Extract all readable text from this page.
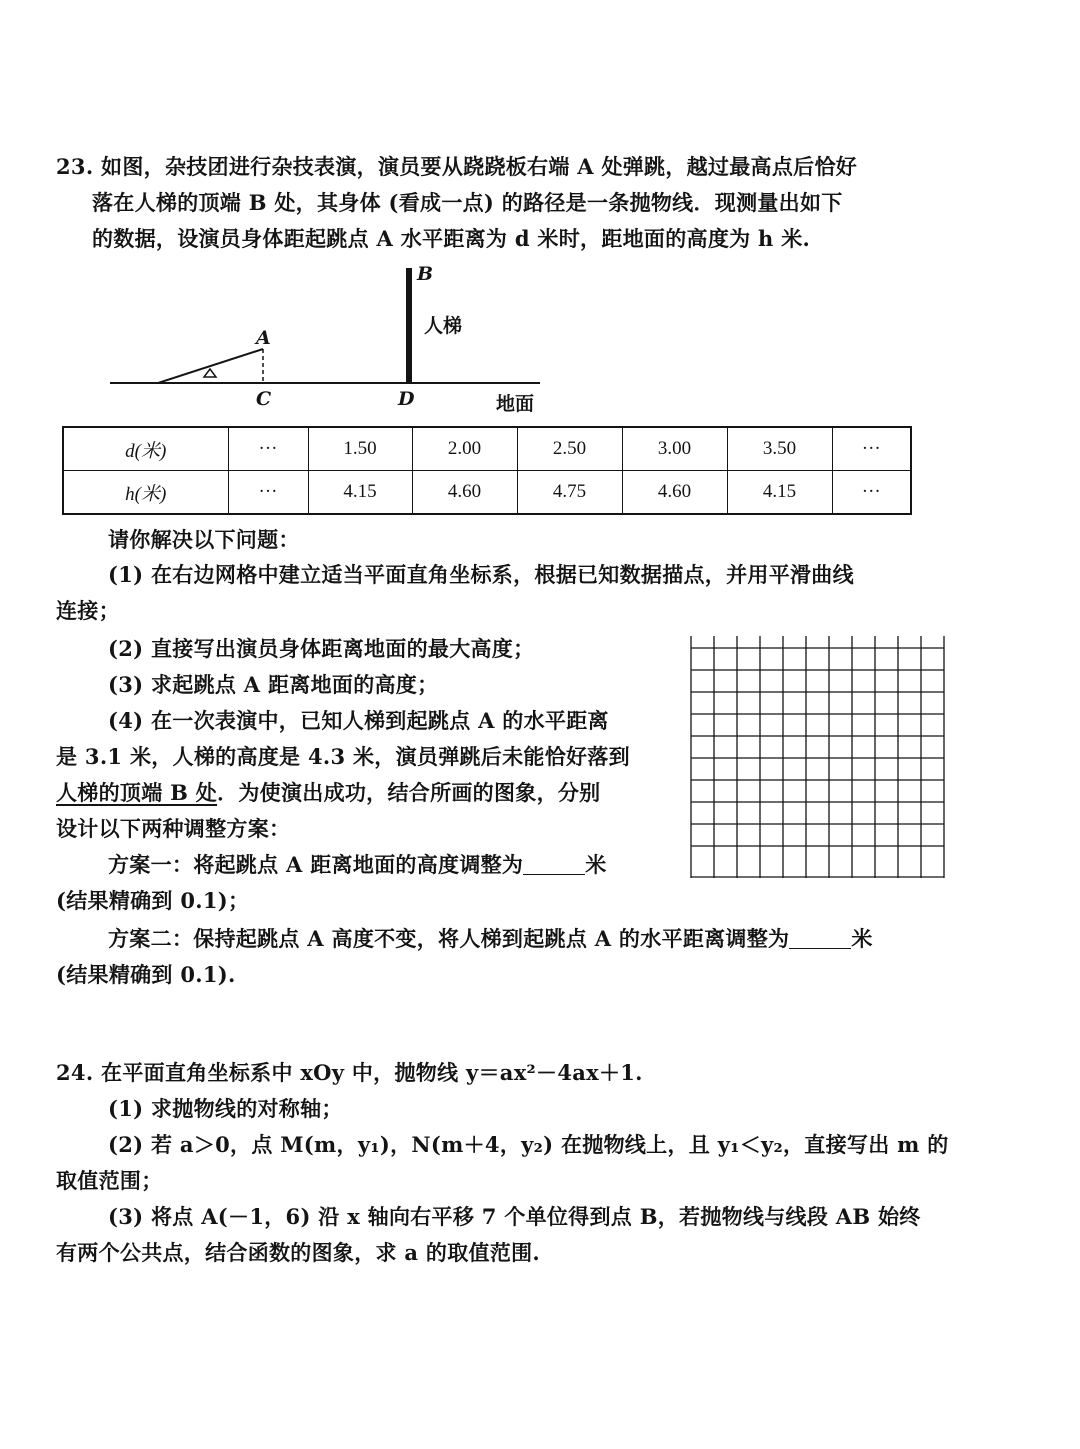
23. 如图，杂技团进行杂技表演，演员要从跷跷板右端 A 处弹跳，越过最高点后恰好
落在人梯的顶端 B 处，其身体 (看成一点) 的路径是一条抛物线．现测量出如下
的数据，设演员身体距起跳点 A 水平距离为 d 米时，距地面的高度为 h 米.
A
B
C	D
人梯
地面
d(米)	···	1.50	2.00	2.50	3.00	3.50	···
h(米)	···	4.15	4.60	4.75	4.60	4.15	···
请你解决以下问题：
(1) 在右边网格中建立适当平面直角坐标系，根据已知数据描点，并用平滑曲线
连接；
(2) 直接写出演员身体距离地面的最大高度；
(3) 求起跳点 A 距离地面的高度；
(4) 在一次表演中，已知人梯到起跳点 A 的水平距离
是 3.1 米，人梯的高度是 4.3 米，演员弹跳后未能恰好落到
人梯的顶端 B 处．为使演出成功，结合所画的图象，分别
设计以下两种调整方案：
方案一：将起跳点 A 距离地面的高度调整为	米
(结果精确到 0.1)；
方案二：保持起跳点 A 高度不变，将人梯到起跳点 A 的水平距离调整为	米
(结果精确到 0.1).
24. 在平面直角坐标系中 xOy 中，抛物线 y＝ax²－4ax＋1.
(1) 求抛物线的对称轴；
(2) 若 a＞0，点 M(m，y₁)，N(m＋4，y₂) 在抛物线上，且 y₁＜y₂，直接写出 m 的
取值范围；
(3) 将点 A(－1，6) 沿 x 轴向右平移 7 个单位得到点 B，若抛物线与线段 AB 始终
有两个公共点，结合函数的图象，求 a 的取值范围.
